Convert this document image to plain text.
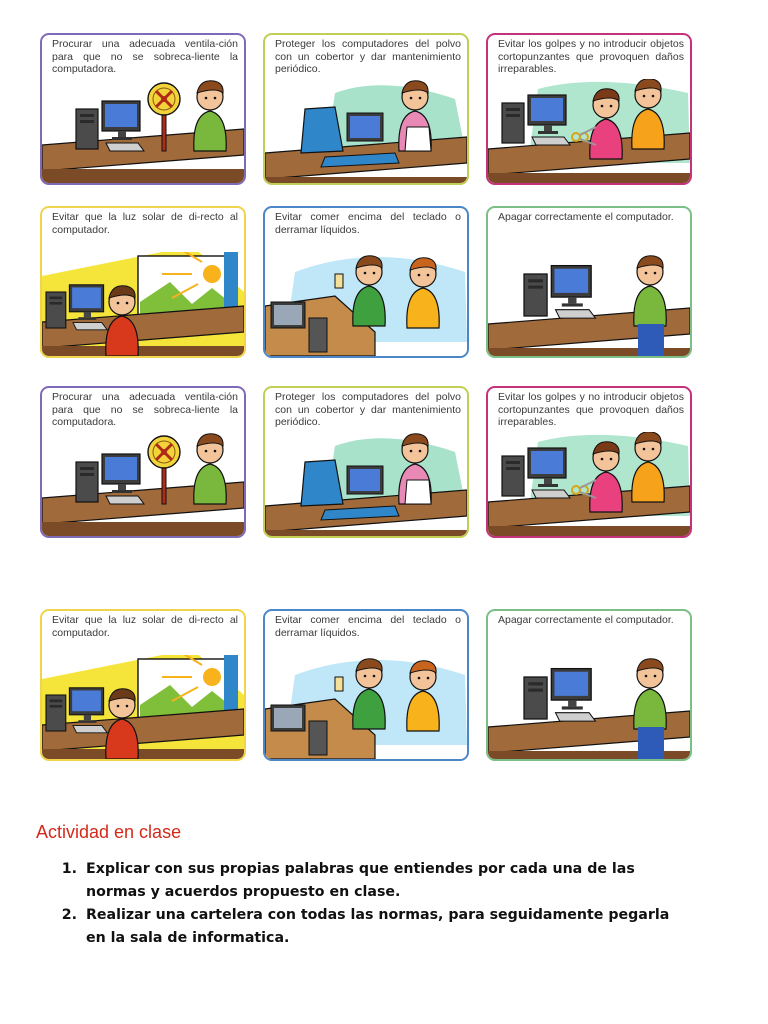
Procurar una adecuada ventila-ción para que no se sobreca-liente la computadora.
Proteger los computadores del polvo con un cobertor y dar mantenimiento periódico.
Evitar los golpes y no introducir objetos cortopunzantes que provoquen daños irreparables.
Evitar que la luz solar de di-recto al computador.
Evitar comer encima del teclado o derramar líquidos.
Apagar correctamente el computador.
Procurar una adecuada ventila-ción para que no se sobreca-liente la computadora.
Proteger los computadores del polvo con un cobertor y dar mantenimiento periódico.
Evitar los golpes y no introducir objetos cortopunzantes que provoquen daños irreparables.
Evitar que la luz solar de di-recto al computador.
Evitar comer encima del teclado o derramar líquidos.
Apagar correctamente el computador.
Actividad en clase
1. Explicar con sus propias palabras que entiendes por cada una de las normas y acuerdos propuesto en clase.
2. Realizar una cartelera con todas las normas, para seguidamente pegarla en la sala de informatica.
